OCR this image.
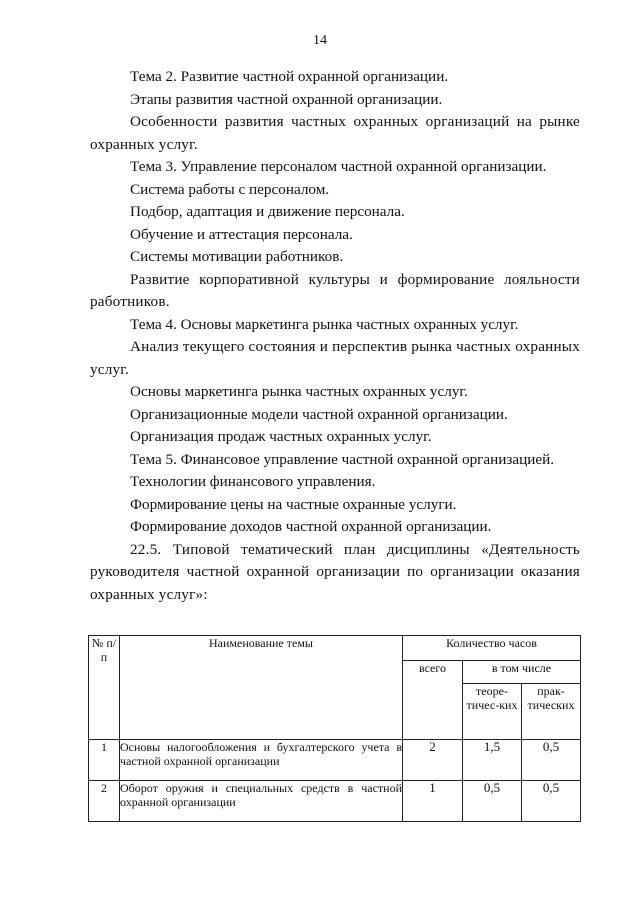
14

Тема 2. Развитие частной охранной организации.

Этапы развития частной охранной организации.

Особенности развития частных охранных организаций на рынке охранных услуг.

Тема 3. Управление персоналом частной охранной организации.

Система работы с персоналом.

Подбор, адаптация и движение персонала.

Обучение и аттестация персонала.

Системы мотивации работников.

Развитие корпоративной культуры и формирование лояльности работников.

Тема 4. Основы маркетинга рынка частных охранных услуг.

Анализ текущего состояния и перспектив рынка частных охранных услуг.

Основы маркетинга рынка частных охранных услуг.

Организационные модели частной охранной организации.

Организация продаж частных охранных услуг.

Тема 5. Финансовое управление частной охранной организацией.

Технологии финансового управления.

Формирование цены на частные охранные услуги.

Формирование доходов частной охранной организации.

22.5. Типовой тематический план дисциплины «Деятельность руководителя частной охранной организации по организации оказания охранных услуг»:

№ п/п	Наименование темы	Количество часов		
		всего	в том числе	
			теоре-тичес-ких	прак-тических
1	Основы налогообложения и бухгалтерского учета в частной охранной организации	2	1,5	0,5
2	Оборот оружия и специальных средств в частной охранной организации	1	0,5	0,5
